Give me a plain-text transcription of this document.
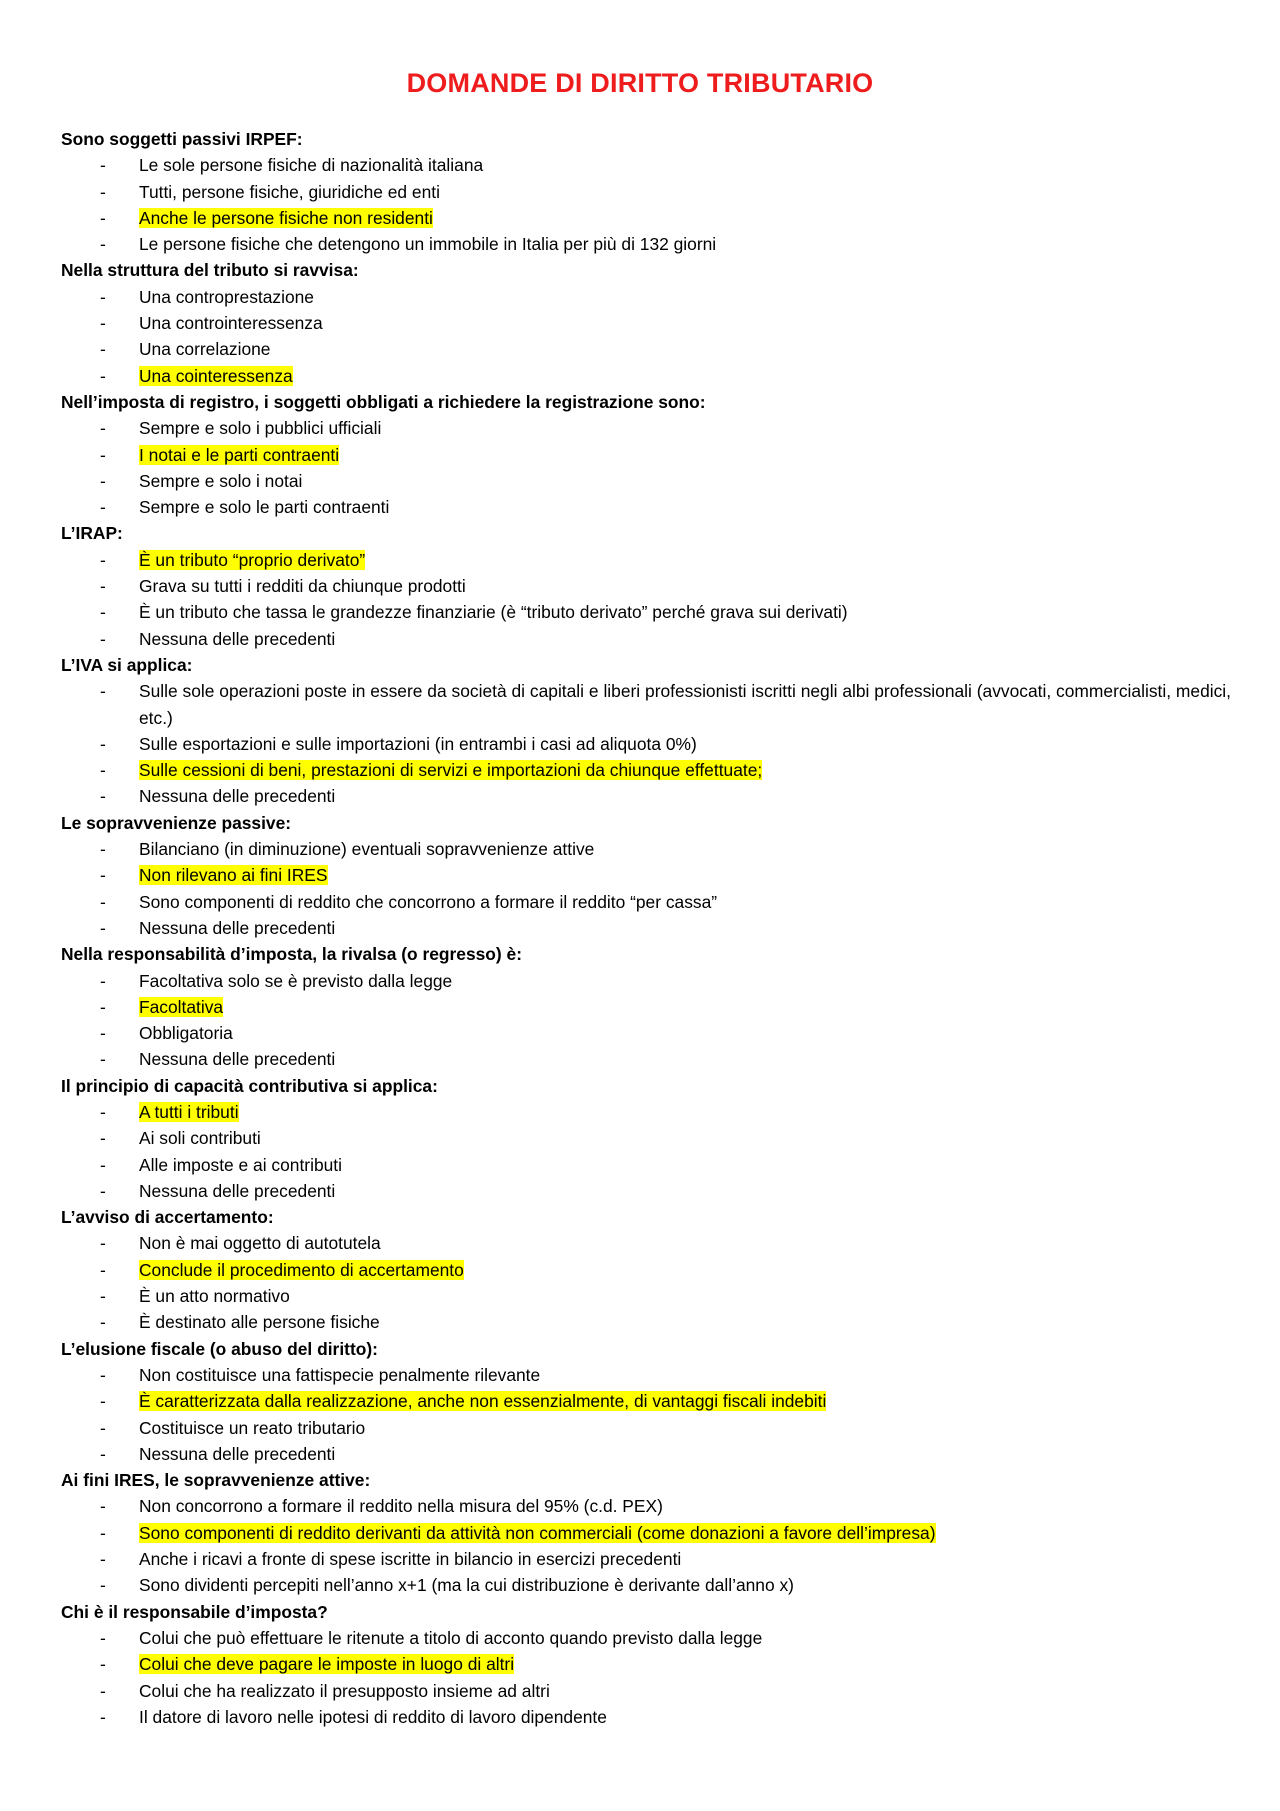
DOMANDE DI DIRITTO TRIBUTARIO
Sono soggetti passivi IRPEF:
-	Le sole persone fisiche di nazionalità italiana
-	Tutti, persone fisiche, giuridiche ed enti
-	Anche le persone fisiche non residenti
-	Le persone fisiche che detengono un immobile in Italia per più di 132 giorni
Nella struttura del tributo si ravvisa:
-	Una controprestazione
-	Una controinteressenza
-	Una correlazione
-	Una cointeressenza
Nell’imposta di registro, i soggetti obbligati a richiedere la registrazione sono:
-	Sempre e solo i pubblici ufficiali
-	I notai e le parti contraenti
-	Sempre e solo i notai
-	Sempre e solo le parti contraenti
L’IRAP:
-	È un tributo “proprio derivato”
-	Grava su tutti i redditi da chiunque prodotti
-	È un tributo che tassa le grandezze finanziarie (è “tributo derivato” perché grava sui derivati)
-	Nessuna delle precedenti
L’IVA si applica:
-	Sulle sole operazioni poste in essere da società di capitali e liberi professionisti iscritti negli albi professionali (avvocati, commercialisti, medici, etc.)
-	Sulle esportazioni e sulle importazioni (in entrambi i casi ad aliquota 0%)
-	Sulle cessioni di beni, prestazioni di servizi e importazioni da chiunque effettuate;
-	Nessuna delle precedenti
Le sopravvenienze passive:
-	Bilanciano (in diminuzione) eventuali sopravvenienze attive
-	Non rilevano ai fini IRES
-	Sono componenti di reddito che concorrono a formare il reddito “per cassa”
-	Nessuna delle precedenti
Nella responsabilità d’imposta, la rivalsa (o regresso) è:
-	Facoltativa solo se è previsto dalla legge
-	Facoltativa
-	Obbligatoria
-	Nessuna delle precedenti
Il principio di capacità contributiva si applica:
-	A tutti i tributi
-	Ai soli contributi
-	Alle imposte e ai contributi
-	Nessuna delle precedenti
L’avviso di accertamento:
-	Non è mai oggetto di autotutela
-	Conclude il procedimento di accertamento
-	È un atto normativo
-	È destinato alle persone fisiche
L’elusione fiscale (o abuso del diritto):
-	Non costituisce una fattispecie penalmente rilevante
-	È caratterizzata dalla realizzazione, anche non essenzialmente, di vantaggi fiscali indebiti
-	Costituisce un reato tributario
-	Nessuna delle precedenti
Ai fini IRES, le sopravvenienze attive:
-	Non concorrono a formare il reddito nella misura del 95% (c.d. PEX)
-	Sono componenti di reddito derivanti da attività non commerciali (come donazioni a favore dell’impresa)
-	Anche i ricavi a fronte di spese iscritte in bilancio in esercizi precedenti
-	Sono dividenti percepiti nell’anno x+1 (ma la cui distribuzione è derivante dall’anno x)
Chi è il responsabile d’imposta?
-	Colui che può effettuare le ritenute a titolo di acconto quando previsto dalla legge
-	Colui che deve pagare le imposte in luogo di altri
-	Colui che ha realizzato il presupposto insieme ad altri
-	Il datore di lavoro nelle ipotesi di reddito di lavoro dipendente
